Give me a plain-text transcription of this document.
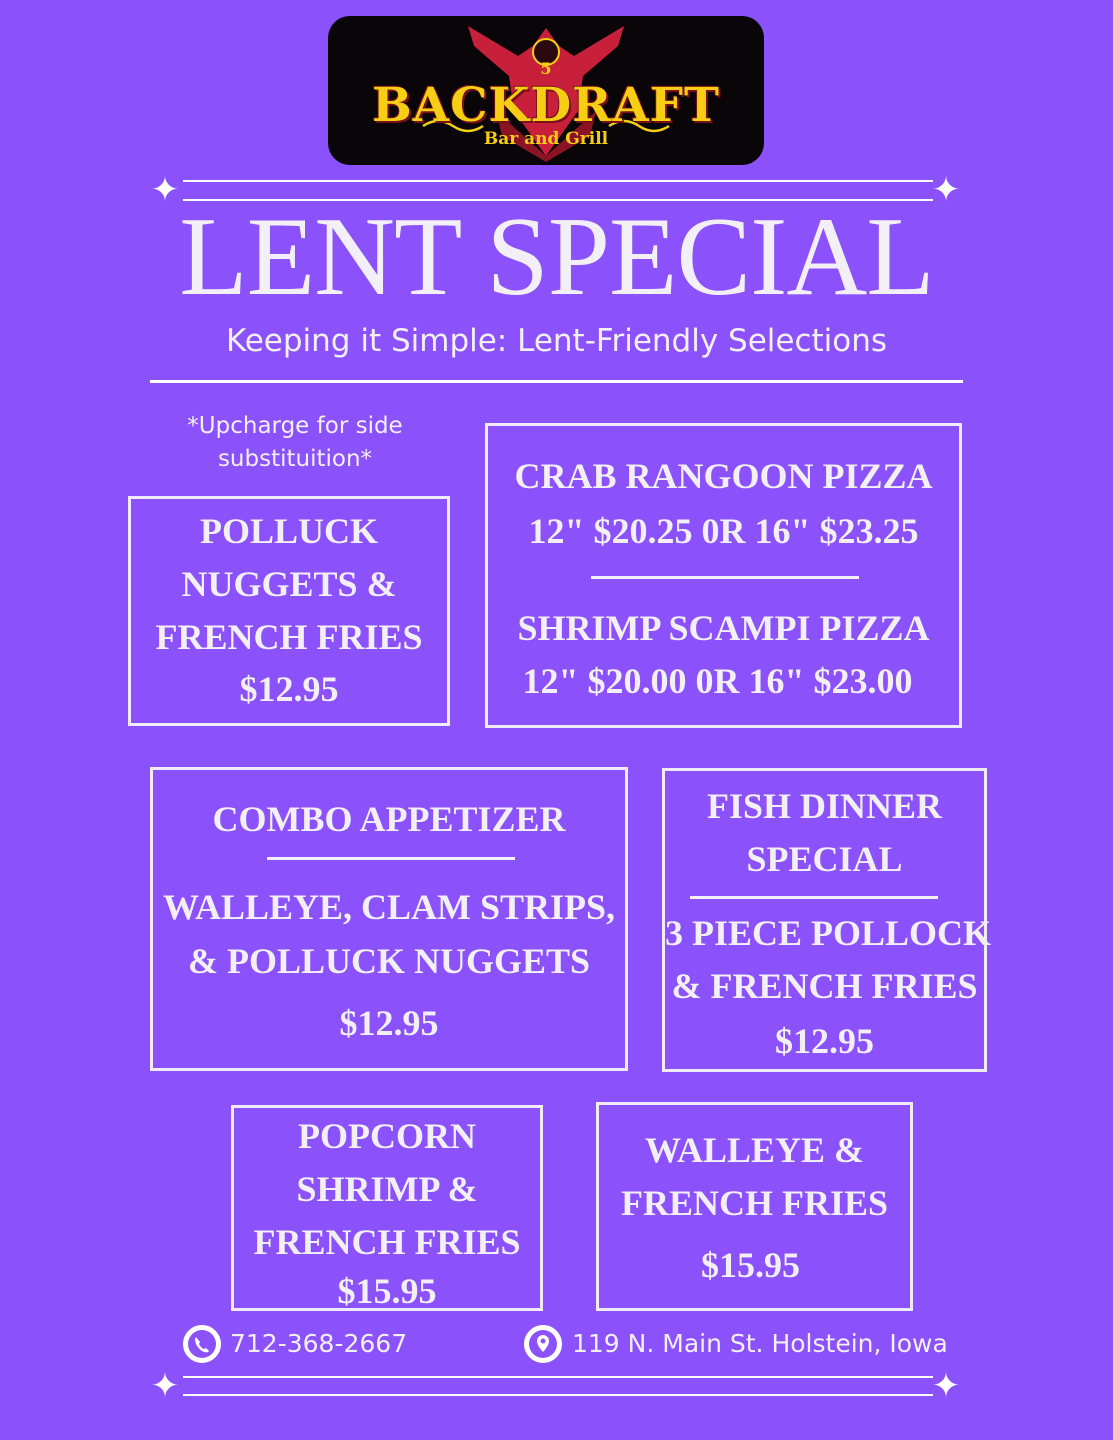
5
BACKDRAFT
Bar and Grill
✦	✦
LENT SPECIAL
Keeping it Simple: Lent-Friendly Selections
*Upcharge for side
substituition*
POLLUCK
NUGGETS &
FRENCH FRIES
$12.95
CRAB RANGOON PIZZA
12" $20.25 0R 16" $23.25
SHRIMP SCAMPI PIZZA
12" $20.00 0R 16" $23.00
COMBO APPETIZER
WALLEYE, CLAM STRIPS,
& POLLUCK NUGGETS
$12.95
FISH DINNER
SPECIAL
3 PIECE POLLOCK
& FRENCH FRIES
$12.95
POPCORN
SHRIMP &
FRENCH FRIES
$15.95
WALLEYE &
FRENCH FRIES
$15.95
712-368-2667	119 N. Main St. Holstein, Iowa
✦	✦
